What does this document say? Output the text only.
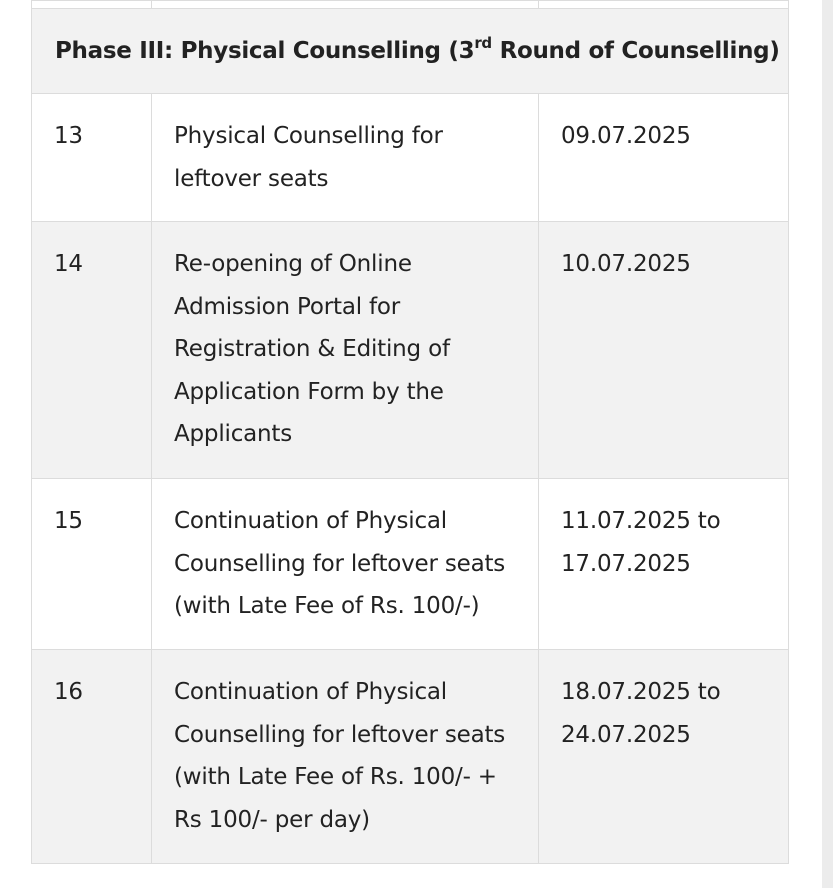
Phase III: Physical Counselling (3rd Round of Counselling)		
13	Physical Counselling for leftover seats	09.07.2025
14	Re-opening of Online Admission Portal for Registration & Editing of Application Form by the Applicants	10.07.2025
15	Continuation of Physical Counselling for leftover seats (with Late Fee of Rs. 100/-)	11.07.2025 to 17.07.2025
16	Continuation of Physical Counselling for leftover seats (with Late Fee of Rs. 100/- + Rs 100/- per day)	18.07.2025 to 24.07.2025
